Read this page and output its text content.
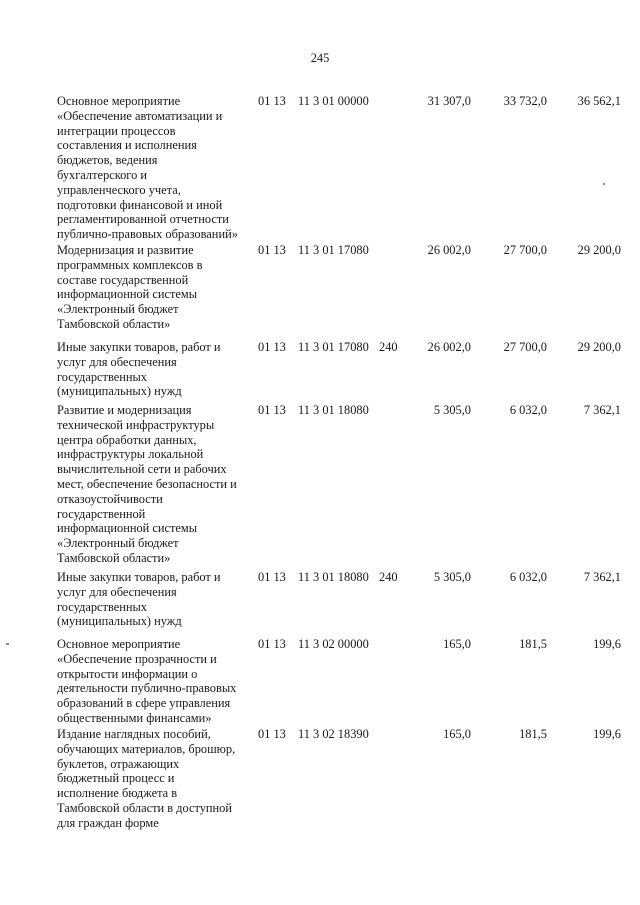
245
Основное мероприятие
«Обеспечение автоматизации и
интеграции процессов
составления и исполнения
бюджетов, ведения
бухгалтерского и
управленческого учета,
подготовки финансовой и иной
регламентированной отчетности
публично-правовых образований»
01 13 11 3 01 00000	31 307,0	33 732,0	36 562,1
Модернизация и развитие
программных комплексов в
составе государственной
информационной системы
«Электронный бюджет
Тамбовской области»
01 13 11 3 01 17080	26 002,0	27 700,0	29 200,0
Иные закупки товаров, работ и
услуг для обеспечения
государственных
(муниципальных) нужд
01 13 11 3 01 17080 240	26 002,0	27 700,0	29 200,0
Развитие и модернизация
технической инфраструктуры
центра обработки данных,
инфраструктуры локальной
вычислительной сети и рабочих
мест, обеспечение безопасности и
отказоустойчивости
государственной
информационной системы
«Электронный бюджет
Тамбовской области»
01 13 11 3 01 18080	5 305,0	6 032,0	7 362,1
Иные закупки товаров, работ и
услуг для обеспечения
государственных
(муниципальных) нужд
01 13 11 3 01 18080 240	5 305,0	6 032,0	7 362,1
Основное мероприятие
«Обеспечение прозрачности и
открытости информации о
деятельности публично-правовых
образований в сфере управления
общественными финансами»
01 13 11 3 02 00000	165,0	181,5	199,6
Издание наглядных пособий,
обучающих материалов, брошюр,
буклетов, отражающих
бюджетный процесс и
исполнение бюджета в
Тамбовской области в доступной
для граждан форме
01 13 11 3 02 18390	165,0	181,5	199,6
